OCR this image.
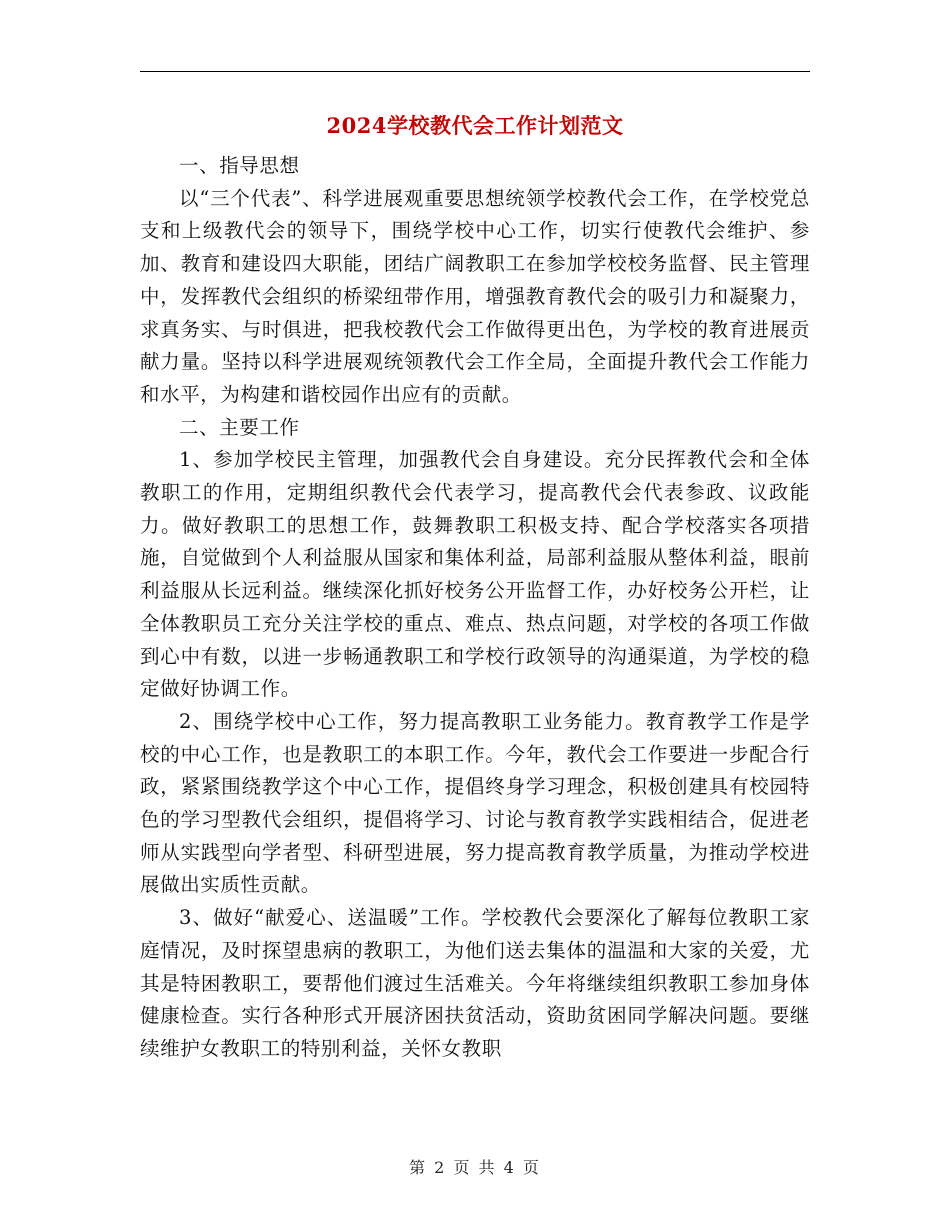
2024学校教代会工作计划范文

一、指导思想

以“三个代表”、科学进展观重要思想统领学校教代会工作，在学校党总支和上级教代会的领导下，围绕学校中心工作，切实行使教代会维护、参加、教育和建设四大职能，团结广阔教职工在参加学校校务监督、民主管理中，发挥教代会组织的桥梁纽带作用，增强教育教代会的吸引力和凝聚力，求真务实、与时俱进，把我校教代会工作做得更出色，为学校的教育进展贡献力量。坚持以科学进展观统领教代会工作全局，全面提升教代会工作能力和水平，为构建和谐校园作出应有的贡献。

二、主要工作

1、参加学校民主管理，加强教代会自身建设。充分民挥教代会和全体教职工的作用，定期组织教代会代表学习，提高教代会代表参政、议政能力。做好教职工的思想工作，鼓舞教职工积极支持、配合学校落实各项措施，自觉做到个人利益服从国家和集体利益，局部利益服从整体利益，眼前利益服从长远利益。继续深化抓好校务公开监督工作，办好校务公开栏，让全体教职员工充分关注学校的重点、难点、热点问题，对学校的各项工作做到心中有数，以进一步畅通教职工和学校行政领导的沟通渠道，为学校的稳定做好协调工作。

2、围绕学校中心工作，努力提高教职工业务能力。教育教学工作是学校的中心工作，也是教职工的本职工作。今年，教代会工作要进一步配合行政，紧紧围绕教学这个中心工作，提倡终身学习理念，积极创建具有校园特色的学习型教代会组织，提倡将学习、讨论与教育教学实践相结合，促进老师从实践型向学者型、科研型进展，努力提高教育教学质量，为推动学校进展做出实质性贡献。

3、做好“献爱心、送温暖”工作。学校教代会要深化了解每位教职工家庭情况，及时探望患病的教职工，为他们送去集体的温温和大家的关爱，尤其是特困教职工，要帮他们渡过生活难关。今年将继续组织教职工参加身体健康检查。实行各种形式开展济困扶贫活动，资助贫困同学解决问题。要继续维护女教职工的特别利益，关怀女教职

第 2 页 共 4 页
